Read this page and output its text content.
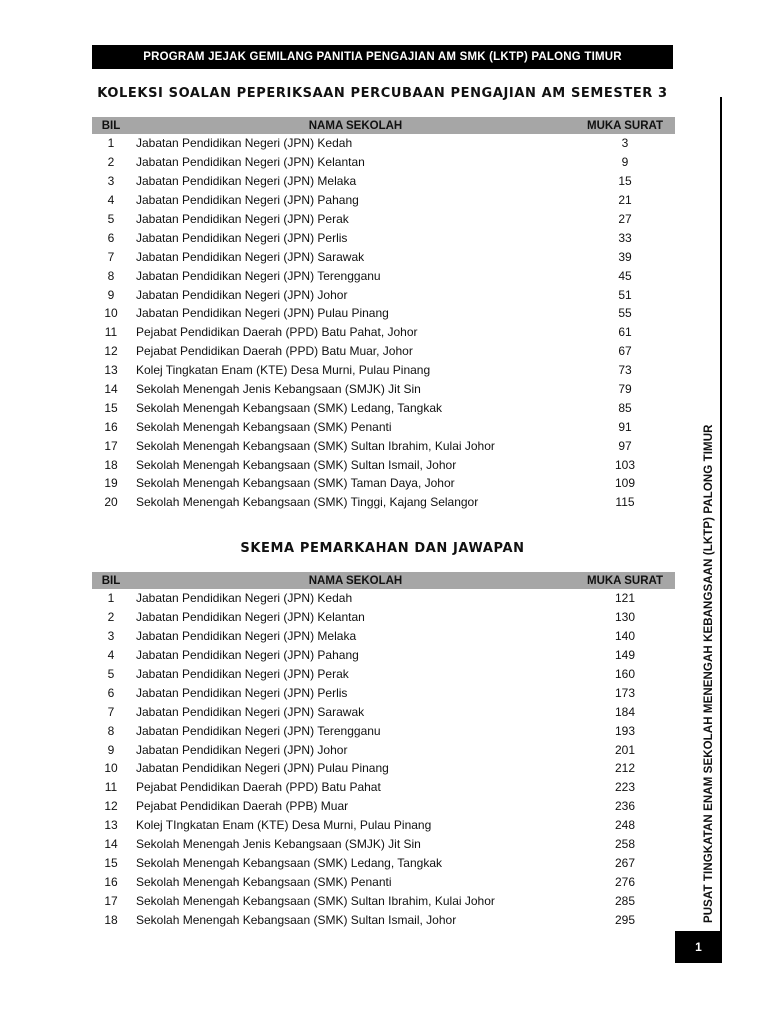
PROGRAM JEJAK GEMILANG PANITIA PENGAJIAN AM SMK (LKTP) PALONG TIMUR
KOLEKSI SOALAN PEPERIKSAAN PERCUBAAN PENGAJIAN AM SEMESTER 3
BIL	NAMA SEKOLAH	MUKA SURAT
1	Jabatan Pendidikan Negeri (JPN) Kedah	3
2	Jabatan Pendidikan Negeri (JPN) Kelantan	9
3	Jabatan Pendidikan Negeri (JPN) Melaka	15
4	Jabatan Pendidikan Negeri (JPN) Pahang	21
5	Jabatan Pendidikan Negeri (JPN) Perak	27
6	Jabatan Pendidikan Negeri (JPN) Perlis	33
7	Jabatan Pendidikan Negeri (JPN) Sarawak	39
8	Jabatan Pendidikan Negeri (JPN) Terengganu	45
9	Jabatan Pendidikan Negeri (JPN) Johor	51
10	Jabatan Pendidikan Negeri (JPN) Pulau Pinang	55
11	Pejabat Pendidikan Daerah (PPD) Batu Pahat, Johor	61
12	Pejabat Pendidikan Daerah (PPD) Batu Muar, Johor	67
13	Kolej Tingkatan Enam (KTE) Desa Murni, Pulau Pinang	73
14	Sekolah Menengah Jenis Kebangsaan (SMJK) Jit Sin	79
15	Sekolah Menengah Kebangsaan (SMK) Ledang, Tangkak	85
16	Sekolah Menengah Kebangsaan (SMK) Penanti	91
17	Sekolah Menengah Kebangsaan (SMK) Sultan Ibrahim, Kulai Johor	97
18	Sekolah Menengah Kebangsaan (SMK) Sultan Ismail, Johor	103
19	Sekolah Menengah Kebangsaan (SMK) Taman Daya, Johor	109
20	Sekolah Menengah Kebangsaan (SMK) Tinggi, Kajang Selangor	115
SKEMA PEMARKAHAN DAN JAWAPAN
BIL	NAMA SEKOLAH	MUKA SURAT
1	Jabatan Pendidikan Negeri (JPN) Kedah	121
2	Jabatan Pendidikan Negeri (JPN) Kelantan	130
3	Jabatan Pendidikan Negeri (JPN) Melaka	140
4	Jabatan Pendidikan Negeri (JPN) Pahang	149
5	Jabatan Pendidikan Negeri (JPN) Perak	160
6	Jabatan Pendidikan Negeri (JPN) Perlis	173
7	Jabatan Pendidikan Negeri (JPN) Sarawak	184
8	Jabatan Pendidikan Negeri (JPN) Terengganu	193
9	Jabatan Pendidikan Negeri (JPN) Johor	201
10	Jabatan Pendidikan Negeri (JPN) Pulau Pinang	212
11	Pejabat Pendidikan Daerah (PPD) Batu Pahat	223
12	Pejabat Pendidikan Daerah (PPB) Muar	236
13	Kolej TIngkatan Enam (KTE) Desa Murni, Pulau Pinang	248
14	Sekolah Menengah Jenis Kebangsaan (SMJK) Jit Sin	258
15	Sekolah Menengah Kebangsaan (SMK) Ledang, Tangkak	267
16	Sekolah Menengah Kebangsaan (SMK) Penanti	276
17	Sekolah Menengah Kebangsaan (SMK) Sultan Ibrahim, Kulai Johor	285
18	Sekolah Menengah Kebangsaan (SMK) Sultan Ismail, Johor	295	PUSAT TINGKATAN ENAM SEKOLAH MENENGAH KEBANGSAAN (LKTP) PALONG TIMUR
1
